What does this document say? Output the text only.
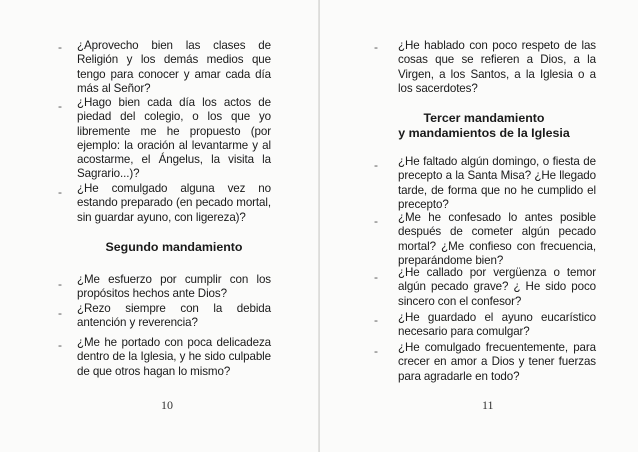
- ¿Aprovecho bien las clases de Religión y los demás medios que tengo para conocer y amar cada día más al Señor?
- ¿Hago bien cada día los actos de piedad del colegio, o los que yo libremente me he propuesto (por ejemplo: la oración al levantarme y al acostarme, el Ángelus, la visita la Sagrario...)?
- ¿He comulgado alguna vez no estando preparado (en pecado mortal, sin guardar ayuno, con ligereza)?
Segundo mandamiento
- ¿Me esfuerzo por cumplir con los propósitos hechos ante Dios?
- ¿Rezo siempre con la debida antención y reverencia?
- ¿Me he portado con poca delicadeza dentro de la Iglesia, y he sido culpable de que otros hagan lo mismo?
10
- ¿He hablado con poco respeto de las cosas que se refieren a Dios, a la Virgen, a los Santos, a la Iglesia o a los sacerdotes?
Tercer mandamiento
y mandamientos de la Iglesia
- ¿He faltado algún domingo, o fiesta de precepto a la Santa Misa? ¿He llegado tarde, de forma que no he cumplido el precepto?
- ¿Me he confesado lo antes posible después de cometer algún pecado mortal? ¿Me confieso con frecuencia, preparándome bien?
- ¿He callado por vergüenza o temor algún pecado grave? ¿ He sido poco sincero con el confesor?
- ¿He guardado el ayuno eucarístico necesario para comulgar?
- ¿He comulgado frecuentemente, para crecer en amor a Dios y tener fuerzas para agradarle en todo?
11
